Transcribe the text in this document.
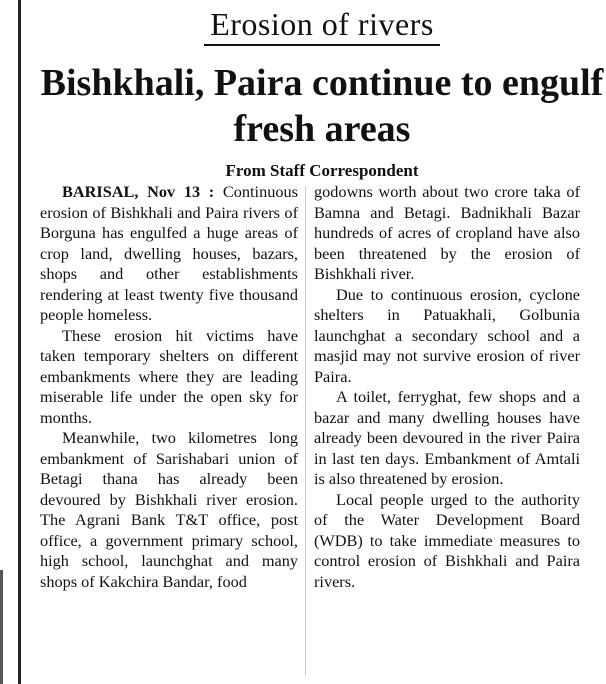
Erosion of rivers
Bishkhali, Paira continue to engulf fresh areas
From Staff Correspondent

BARISAL, Nov 13 : Continuous erosion of Bishkhali and Paira rivers of Borguna has engulfed a huge areas of crop land, dwelling houses, bazars, shops and other establishments rendering at least twenty five thousand people homeless.

These erosion hit victims have taken temporary shelters on different embankments where they are leading miserable life under the open sky for months.

Meanwhile, two kilometres long embankment of Sarishabari union of Betagi thana has already been devoured by Bishkhali river erosion. The Agrani Bank T&T office, post office, a government primary school, high school, launchghat and many shops of Kakchira Bandar, food

godowns worth about two crore taka of Bamna and Betagi. Badnikhali Bazar hundreds of acres of cropland have also been threatened by the erosion of Bishkhali river.

Due to continuous erosion, cyclone shelters in Patuakhali, Golbunia launchghat a secondary school and a masjid may not survive erosion of river Paira.

A toilet, ferryghat, few shops and a bazar and many dwelling houses have already been devoured in the river Paira in last ten days. Embankment of Amtali is also threatened by erosion.

Local people urged to the authority of the Water Development Board (WDB) to take immediate measures to control erosion of Bishkhali and Paira rivers.
